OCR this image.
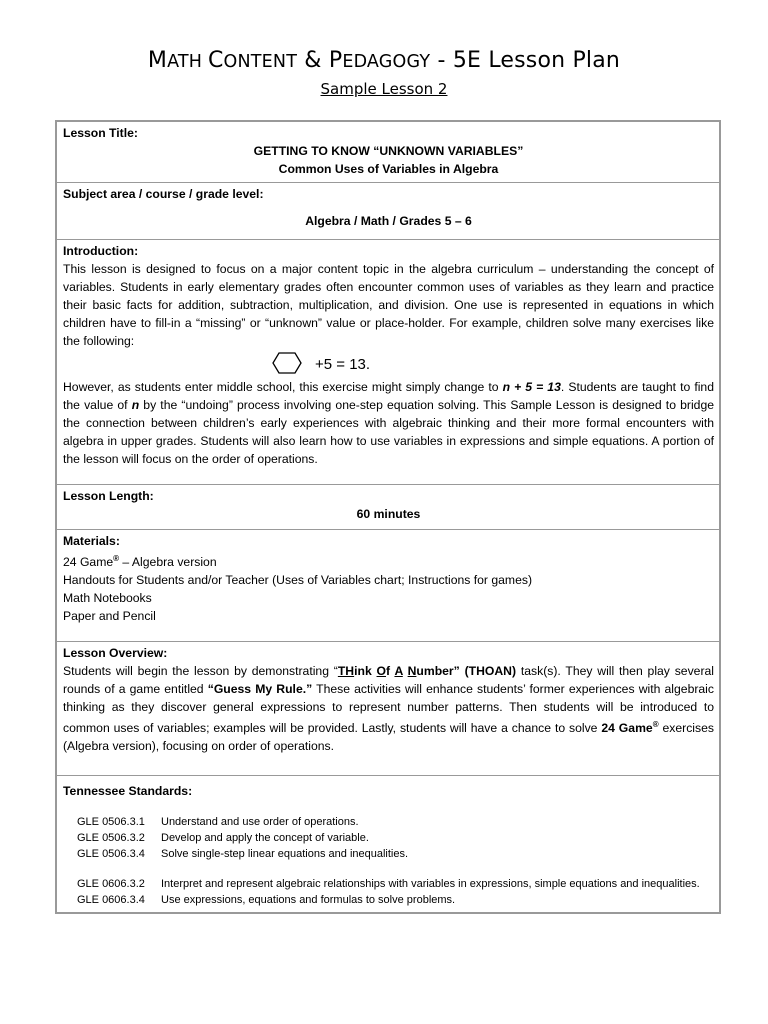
MATH CONTENT & PEDAGOGY - 5E Lesson Plan
Sample Lesson 2
Lesson Title:
GETTING TO KNOW “UNKNOWN VARIABLES”
Common Uses of Variables in Algebra

Subject area / course / grade level:
Algebra / Math / Grades 5 – 6

Introduction:
This lesson is designed to focus on a major content topic in the algebra curriculum – understanding the concept of variables. Students in early elementary grades often encounter common uses of variables as they learn and practice their basic facts for addition, subtraction, multiplication, and division. One use is represented in equations in which children have to fill-in a “missing” or “unknown” value or place-holder. For example, children solve many exercises like the following:
+5 = 13.
However, as students enter middle school, this exercise might simply change to n + 5 = 13. Students are taught to find the value of n by the “undoing” process involving one-step equation solving. This Sample Lesson is designed to bridge the connection between children’s early experiences with algebraic thinking and their more formal encounters with algebra in upper grades. Students will also learn how to use variables in expressions and simple equations. A portion of the lesson will focus on the order of operations.

Lesson Length:
60 minutes

Materials:
24 Game® – Algebra version
Handouts for Students and/or Teacher (Uses of Variables chart; Instructions for games)
Math Notebooks
Paper and Pencil

Lesson Overview:
Students will begin the lesson by demonstrating “THink Of A Number” (THOAN) task(s). They will then play several rounds of a game entitled “Guess My Rule.” These activities will enhance students’ former experiences with algebraic thinking as they discover general expressions to represent number patterns. Then students will be introduced to common uses of variables; examples will be provided. Lastly, students will have a chance to solve 24 Game® exercises (Algebra version), focusing on order of operations.

Tennessee Standards:
GLE 0506.3.1 Understand and use order of operations.
GLE 0506.3.2 Develop and apply the concept of variable.
GLE 0506.3.4 Solve single-step linear equations and inequalities.
GLE 0606.3.2 Interpret and represent algebraic relationships with variables in expressions, simple equations and inequalities.
GLE 0606.3.4 Use expressions, equations and formulas to solve problems.
